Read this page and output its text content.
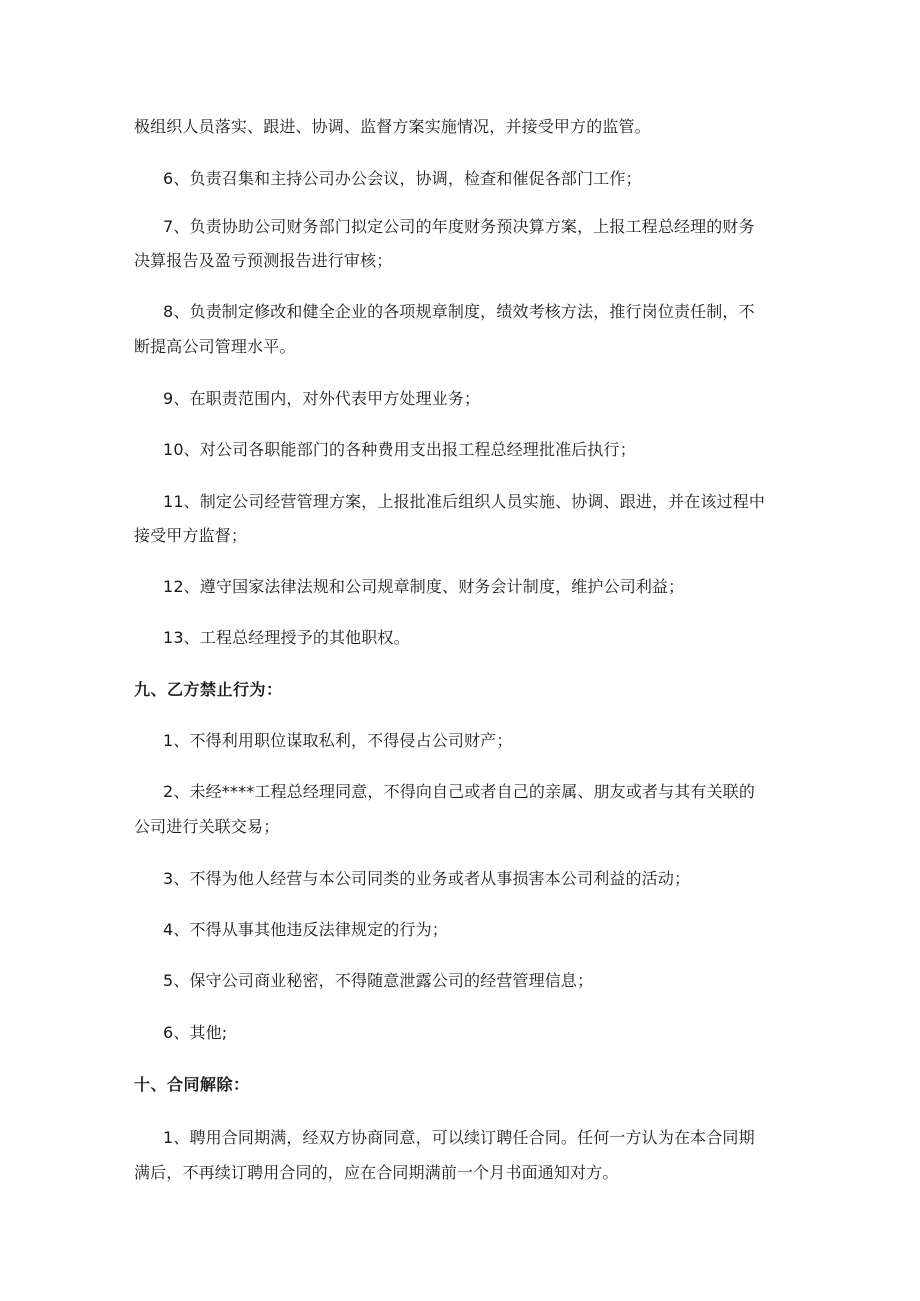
极组织人员落实、跟进、协调、监督方案实施情况，并接受甲方的监管。
6、负责召集和主持公司办公会议，协调，检查和催促各部门工作；
7、负责协助公司财务部门拟定公司的年度财务预决算方案，上报工程总经理的财务
决算报告及盈亏预测报告进行审核；
8、负责制定修改和健全企业的各项规章制度，绩效考核方法，推行岗位责任制，不
断提高公司管理水平。
9、在职责范围内，对外代表甲方处理业务；
10、对公司各职能部门的各种费用支出报工程总经理批准后执行；
11、制定公司经营管理方案，上报批准后组织人员实施、协调、跟进，并在该过程中
接受甲方监督；
12、遵守国家法律法规和公司规章制度、财务会计制度，维护公司利益；
13、工程总经理授予的其他职权。
九、乙方禁止行为：
1、不得利用职位谋取私利，不得侵占公司财产；
2、未经****工程总经理同意，不得向自己或者自己的亲属、朋友或者与其有关联的
公司进行关联交易；
3、不得为他人经营与本公司同类的业务或者从事损害本公司利益的活动；
4、不得从事其他违反法律规定的行为；
5、保守公司商业秘密，不得随意泄露公司的经营管理信息；
6、其他;
十、合同解除：
1、聘用合同期满，经双方协商同意，可以续订聘任合同。任何一方认为在本合同期
满后，不再续订聘用合同的，应在合同期满前一个月书面通知对方。
